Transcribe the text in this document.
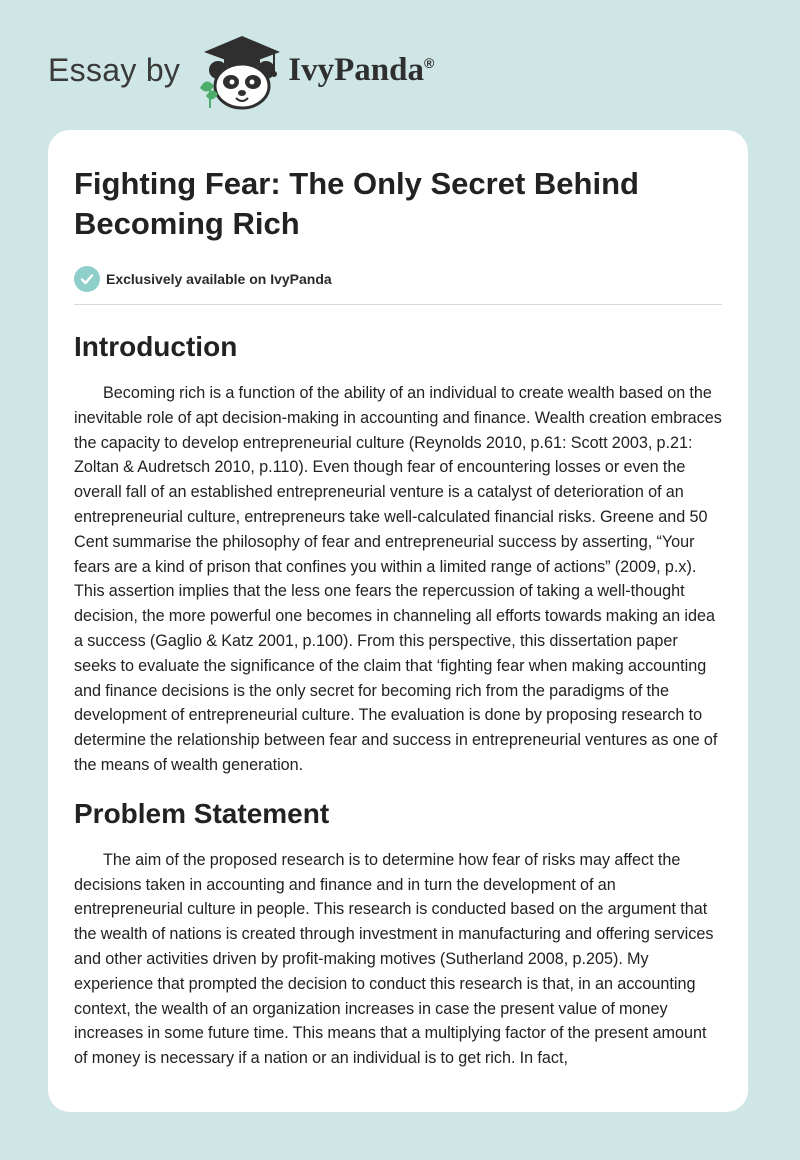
Essay by	IvyPanda®
Fighting Fear: The Only Secret Behind Becoming Rich
Exclusively available on IvyPanda
Introduction

Becoming rich is a function of the ability of an individual to create wealth based on the inevitable role of apt decision-making in accounting and finance. Wealth creation embraces the capacity to develop entrepreneurial culture (Reynolds 2010, p.61: Scott 2003, p.21: Zoltan & Audretsch 2010, p.110). Even though fear of encountering losses or even the overall fall of an established entrepreneurial venture is a catalyst of deterioration of an entrepreneurial culture, entrepreneurs take well-calculated financial risks. Greene and 50 Cent summarise the philosophy of fear and entrepreneurial success by asserting, “Your fears are a kind of prison that confines you within a limited range of actions” (2009, p.x). This assertion implies that the less one fears the repercussion of taking a well-thought decision, the more powerful one becomes in channeling all efforts towards making an idea a success (Gaglio & Katz 2001, p.100). From this perspective, this dissertation paper seeks to evaluate the significance of the claim that ‘fighting fear when making accounting and finance decisions is the only secret for becoming rich from the paradigms of the development of entrepreneurial culture. The evaluation is done by proposing research to determine the relationship between fear and success in entrepreneurial ventures as one of the means of wealth generation.

Problem Statement

The aim of the proposed research is to determine how fear of risks may affect the decisions taken in accounting and finance and in turn the development of an entrepreneurial culture in people. This research is conducted based on the argument that the wealth of nations is created through investment in manufacturing and offering services and other activities driven by profit-making motives (Sutherland 2008, p.205). My experience that prompted the decision to conduct this research is that, in an accounting context, the wealth of an organization increases in case the present value of money increases in some future time. This means that a multiplying factor of the present amount of money is necessary if a nation or an individual is to get rich. In fact,
